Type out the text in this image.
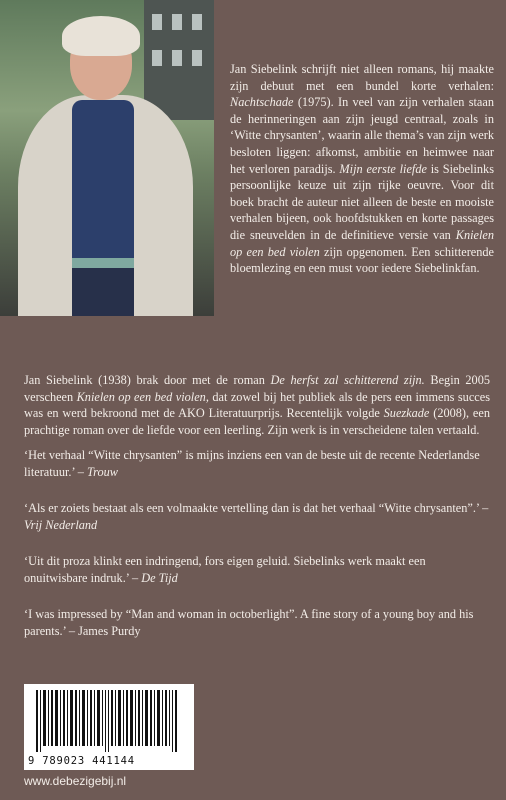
Jan Siebelink schrijft niet alleen romans, hij maakte zijn debuut met een bundel korte verhalen: Nachtschade (1975). In veel van zijn verhalen staan de herinneringen aan zijn jeugd centraal, zoals in ‘Witte chrysanten’, waarin alle thema’s van zijn werk besloten liggen: afkomst, ambitie en heimwee naar het verloren paradijs. Mijn eerste liefde is Siebelinks persoonlijke keuze uit zijn rijke oeuvre. Voor dit boek bracht de auteur niet alleen de beste en mooiste verhalen bijeen, ook hoofdstukken en korte passages die sneuvelden in de definitieve versie van Knielen op een bed violen zijn opgenomen. Een schitterende bloemlezing en een must voor iedere Siebelinkfan.
Jan Siebelink (1938) brak door met de roman De herfst zal schitterend zijn. Begin 2005 verscheen Knielen op een bed violen, dat zowel bij het publiek als de pers een immens succes was en werd bekroond met de AKO Literatuurprijs. Recentelijk volgde Suezkade (2008), een prachtige roman over de liefde voor een leerling. Zijn werk is in verscheidene talen vertaald.
‘Het verhaal “Witte chrysanten” is mijns inziens een van de beste uit de recente Nederlandse literatuur.’ – Trouw
‘Als er zoiets bestaat als een volmaakte vertelling dan is dat het verhaal “Witte chrysanten”.’ – Vrij Nederland
‘Uit dit proza klinkt een indringend, fors eigen geluid. Siebelinks werk maakt een onuitwisbare indruk.’ – De Tijd
‘I was impressed by “Man and woman in octoberlight”. A fine story of a young boy and his parents.’ – James Purdy
9 789023 441144
www.debezigebij.nl
